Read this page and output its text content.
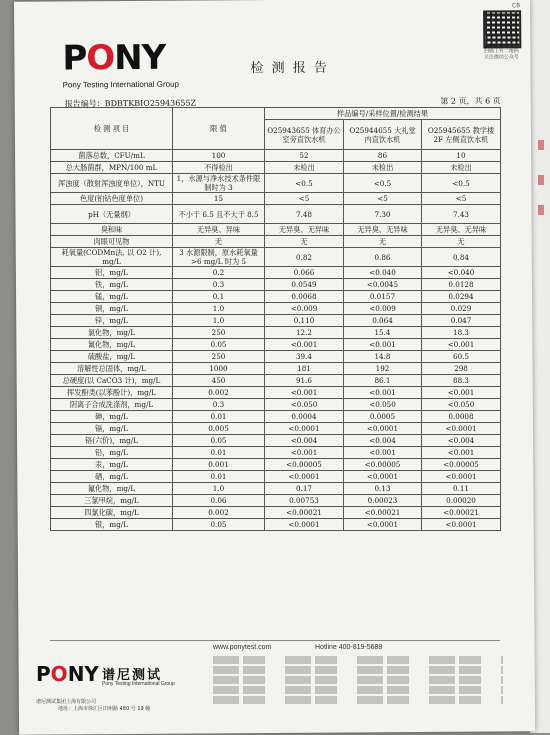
C8
扫描上方二维码
关注微信公众号
PONY
Pony Testing International Group
检 测 报 告
报告编号：BDBTKBIO25943655Z	第 2 页，共 6 页
检 测 项 目	限 值	样品编号/采样位置/检测结果		
		O25943655 体育办公室旁直饮水机	O25944655 大礼堂内直饮水机	O25945655 教学楼 2F 左侧直饮水机
菌落总数，CFU/mL	100	52	86	10
总大肠菌群，MPN/100 mL	不得检出	未检出	未检出	未检出
浑浊度（散射浑浊度单位），NTU	1，水源与净水技术条件限制时为 3	<0.5	<0.5	<0.5
色度(铂钴色度单位)	15	<5	<5	<5
pH（无量纲）	不小于 6.5 且不大于 8.5	7.48	7.30	7.43
臭和味	无异臭、异味	无异臭、无异味	无异臭、无异味	无异臭、无异味
肉眼可见物	无	无	无	无
耗氧量(CODMn法, 以 O2 计), mg/L	3 水源限制，原水耗氧量>6 mg/L 时为 5	0.82	0.86	0.84
铝，mg/L	0.2	0.066	<0.040	<0.040
铁，mg/L	0.3	0.0549	<0.0045	0.0128
锰，mg/L	0.1	0.0068	0.0157	0.0294
铜，mg/L	1.0	<0.009	<0.009	0.029
锌，mg/L	1.0	0.110	0.064	0.047
氯化物，mg/L	250	12.2	15.4	18.3
氰化物，mg/L	0.05	<0.001	<0.001	<0.001
硫酸盐，mg/L	250	39.4	14.8	60.5
溶解性总固体，mg/L	1000	181	192	298
总硬度(以 CaCO3 计)，mg/L	450	91.6	86.1	88.3
挥发酚类(以苯酚计)，mg/L	0.002	<0.001	<0.001	<0.001
阴离子合成洗涤剂，mg/L	0.3	<0.050	<0.050	<0.050
砷，mg/L	0.01	0.0004	0.0005	0.0008
镉，mg/L	0.005	<0.0001	<0.0001	<0.0001
铬(六价)，mg/L	0.05	<0.004	<0.004	<0.004
铅，mg/L	0.01	<0.001	<0.001	<0.001
汞，mg/L	0.001	<0.00005	<0.00005	<0.00005
硒，mg/L	0.01	<0.0001	<0.0001	<0.0001
氟化物，mg/L	1.0	0.17	0.13	0.11
三氯甲烷，mg/L	0.06	0.00753	0.00023	0.00020
四氯化碳，mg/L	0.002	<0.00021	<0.00021	<0.00021
银，mg/L	0.05	<0.0001	<0.0001	<0.0001
PONY 谱尼测试
Pony Testing International Group
www.ponytest.com	Hotline 400-819-5688
谱尼测试集团上海有限公司
地址：上海市徐汇区田州路 480 号 19 幢
